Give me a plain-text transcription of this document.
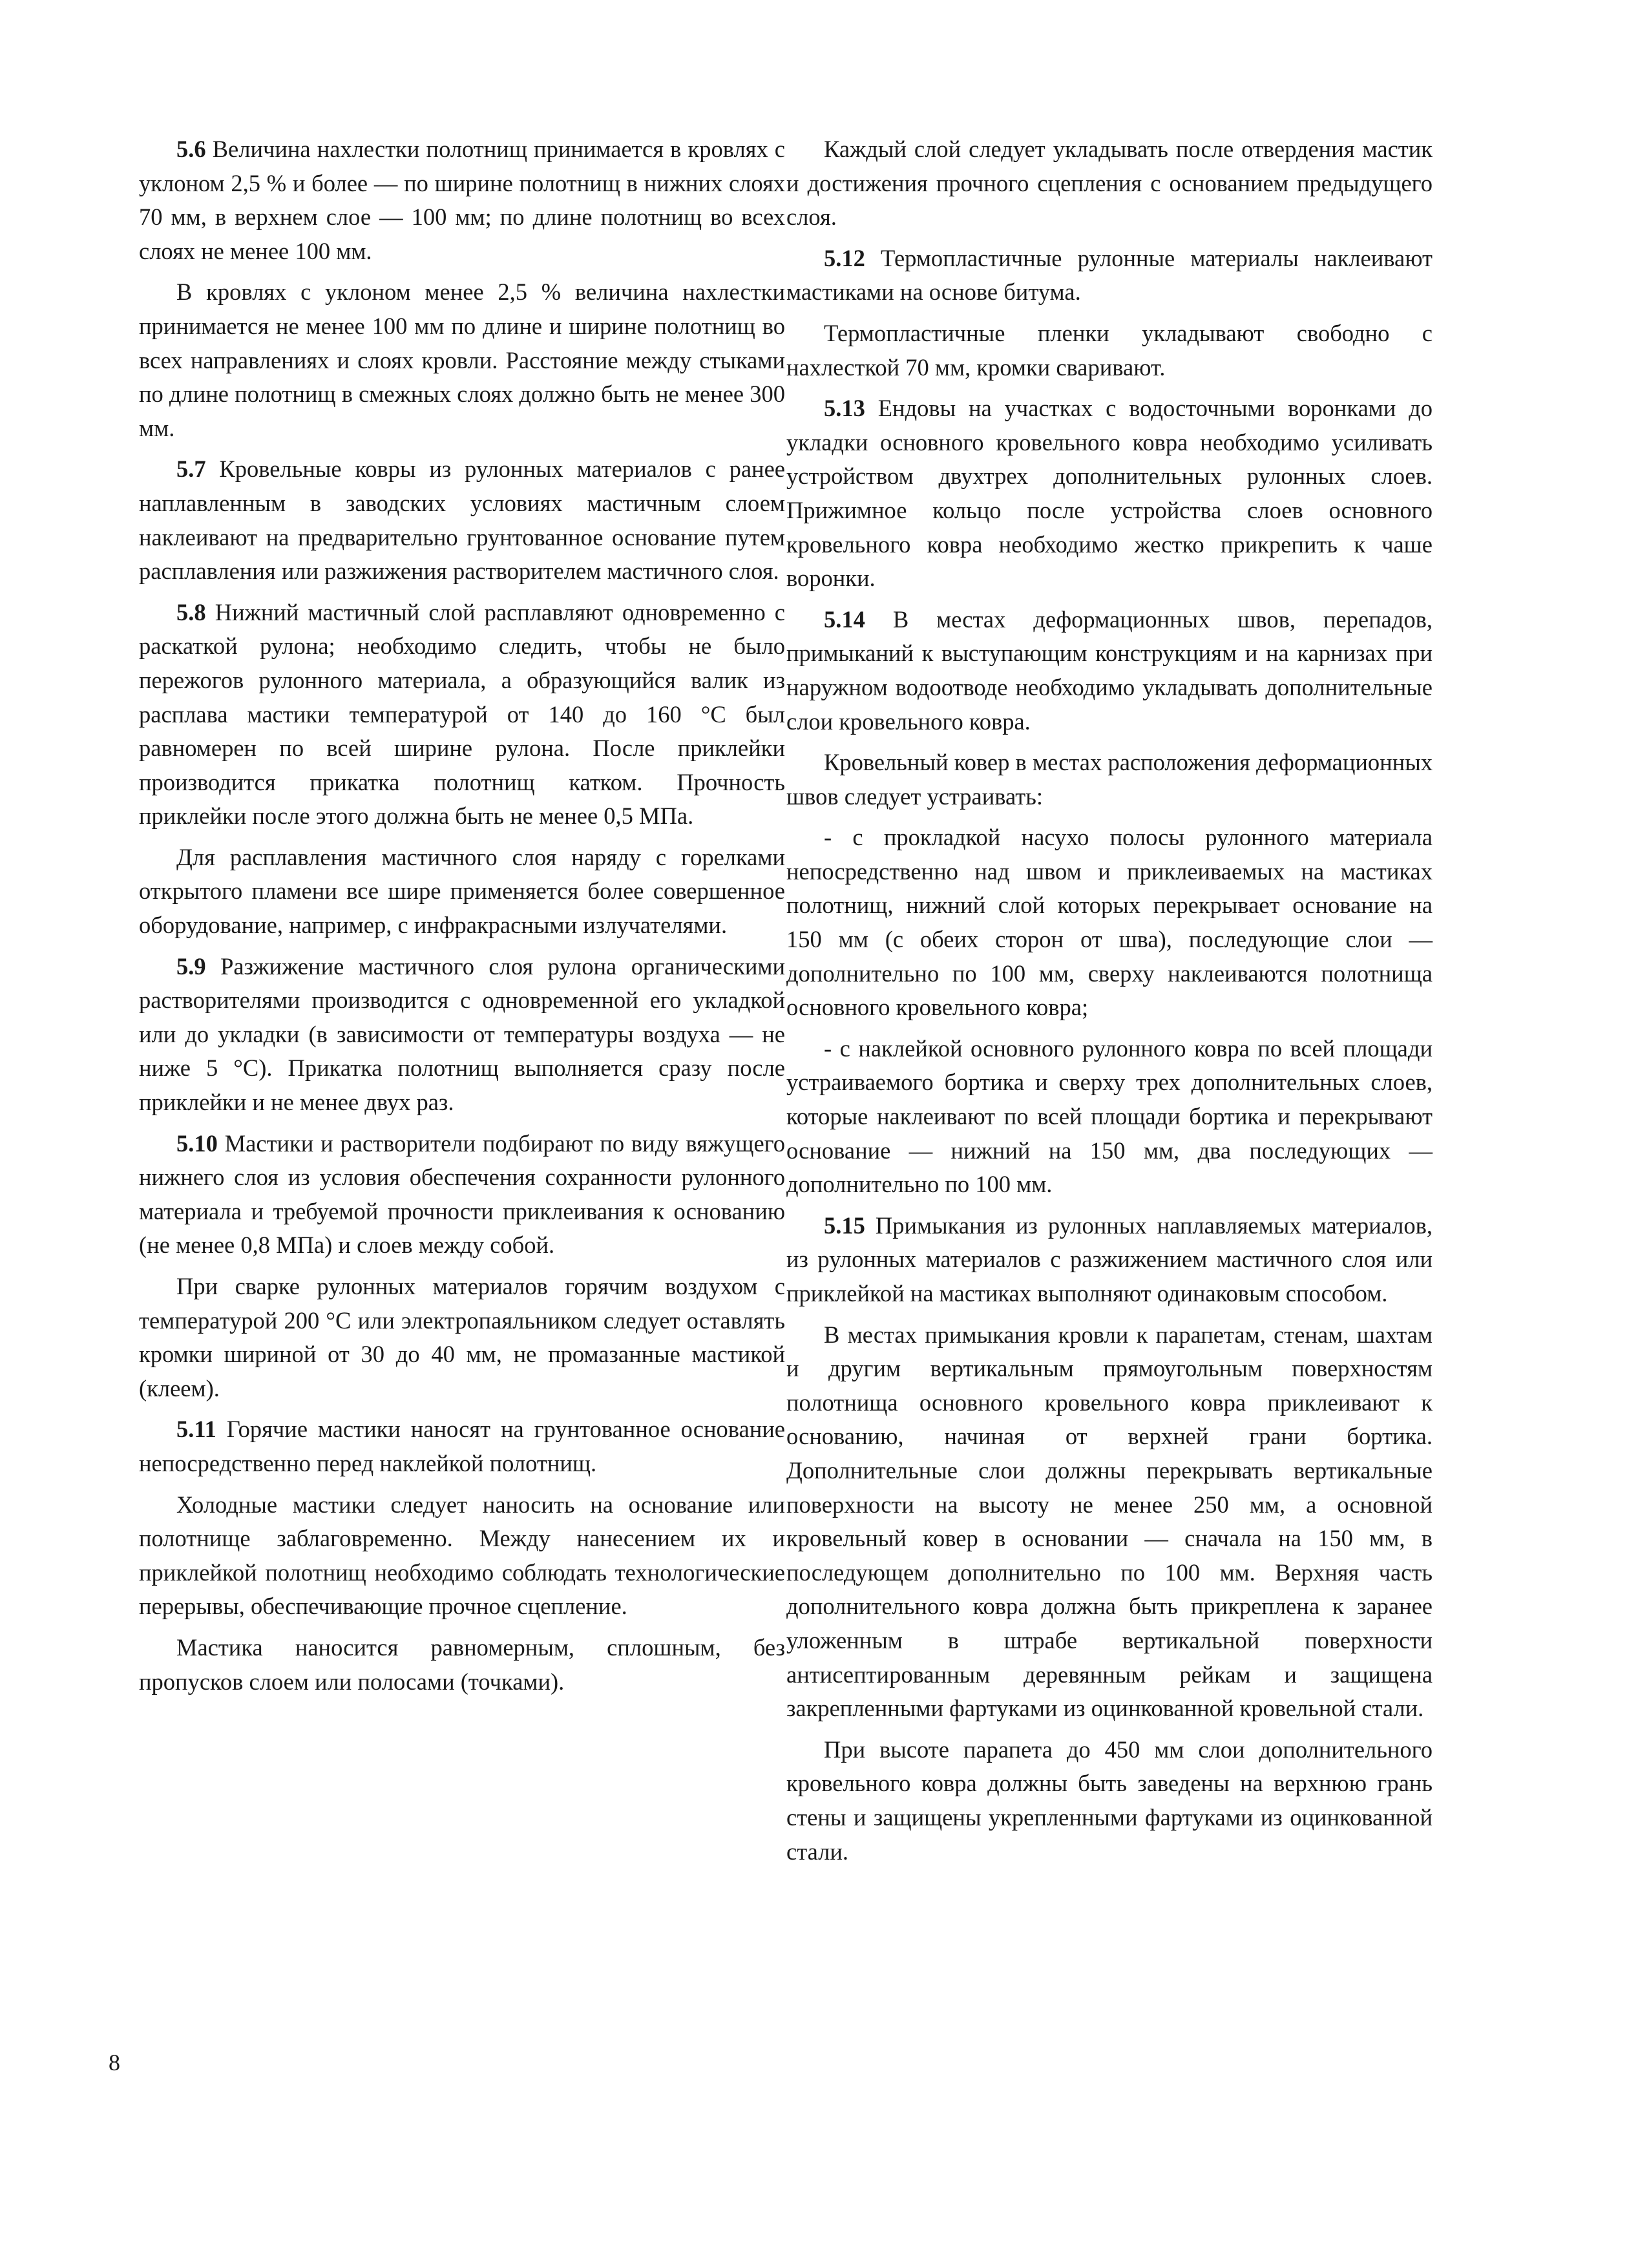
5.6 Величина нахлестки полотнищ принимается в кровлях с уклоном 2,5 % и более — по ширине полотнищ в нижних слоях 70 мм, в верхнем слое — 100 мм; по длине полотнищ во всех слоях не менее 100 мм.

В кровлях с уклоном менее 2,5 % величина нахлестки принимается не менее 100 мм по длине и ширине полотнищ во всех направлениях и слоях кровли. Расстояние между стыками по длине полотнищ в смежных слоях должно быть не менее 300 мм.

5.7 Кровельные ковры из рулонных материалов с ранее наплавленным в заводских условиях мастичным слоем наклеивают на предварительно грунтованное основание путем расплавления или разжижения растворителем мастичного слоя.

5.8 Нижний мастичный слой расплавляют одновременно с раскаткой рулона; необходимо следить, чтобы не было пережогов рулонного материала, а образующийся валик из расплава мастики температурой от 140 до 160 °С был равномерен по всей ширине рулона. После приклейки производится прикатка полотнищ катком. Прочность приклейки после этого должна быть не менее 0,5 МПа.

Для расплавления мастичного слоя наряду с горелками открытого пламени все шире применяется более совершенное оборудование, например, с инфракрасными излучателями.

5.9 Разжижение мастичного слоя рулона органическими растворителями производится с одновременной его укладкой или до укладки (в зависимости от температуры воздуха — не ниже 5 °С). Прикатка полотнищ выполняется сразу после приклейки и не менее двух раз.

5.10 Мастики и растворители подбирают по виду вяжущего нижнего слоя из условия обеспечения сохранности рулонного материала и требуемой прочности приклеивания к основанию (не менее 0,8 МПа) и слоев между собой.

При сварке рулонных материалов горячим воздухом с температурой 200 °С или электропаяльником следует оставлять кромки шириной от 30 до 40 мм, не промазанные мастикой (клеем).

5.11 Горячие мастики наносят на грунтованное основание непосредственно перед наклейкой полотнищ.

Холодные мастики следует наносить на основание или полотнище заблаговременно. Между нанесением их и приклейкой полотнищ необходимо соблюдать технологические перерывы, обеспечивающие прочное сцепление.

Мастика наносится равномерным, сплошным, без пропусков слоем или полосами (точками).

Каждый слой следует укладывать после отвердения мастик и достижения прочного сцепления с основанием предыдущего слоя.

5.12 Термопластичные рулонные материалы наклеивают мастиками на основе битума.

Термопластичные пленки укладывают свободно с нахлесткой 70 мм, кромки сваривают.

5.13 Ендовы на участках с водосточными воронками до укладки основного кровельного ковра необходимо усиливать устройством двухтрех дополнительных рулонных слоев. Прижимное кольцо после устройства слоев основного кровельного ковра необходимо жестко прикрепить к чаше воронки.

5.14 В местах деформационных швов, перепадов, примыканий к выступающим конструкциям и на карнизах при наружном водоотводе необходимо укладывать дополнительные слои кровельного ковра.

Кровельный ковер в местах расположения деформационных швов следует устраивать:

- с прокладкой насухо полосы рулонного материала непосредственно над швом и приклеиваемых на мастиках полотнищ, нижний слой которых перекрывает основание на 150 мм (с обеих сторон от шва), последующие слои — дополнительно по 100 мм, сверху наклеиваются полотнища основного кровельного ковра;

- с наклейкой основного рулонного ковра по всей площади устраиваемого бортика и сверху трех дополнительных слоев, которые наклеивают по всей площади бортика и перекрывают основание — нижний на 150 мм, два последующих — дополнительно по 100 мм.

5.15 Примыкания из рулонных наплавляемых материалов, из рулонных материалов с разжижением мастичного слоя или приклейкой на мастиках выполняют одинаковым способом.

В местах примыкания кровли к парапетам, стенам, шахтам и другим вертикальным прямоугольным поверхностям полотнища основного кровельного ковра приклеивают к основанию, начиная от верхней грани бортика. Дополнительные слои должны перекрывать вертикальные поверхности на высоту не менее 250 мм, а основной кровельный ковер в основании — сначала на 150 мм, в последующем дополнительно по 100 мм. Верхняя часть дополнительного ковра должна быть прикреплена к заранее уложенным в штрабе вертикальной поверхности антисептированным деревянным рейкам и защищена закрепленными фартуками из оцинкованной кровельной стали.

При высоте парапета до 450 мм слои дополнительного кровельного ковра должны быть заведены на верхнюю грань стены и защищены укрепленными фартуками из оцинкованной стали.

8
